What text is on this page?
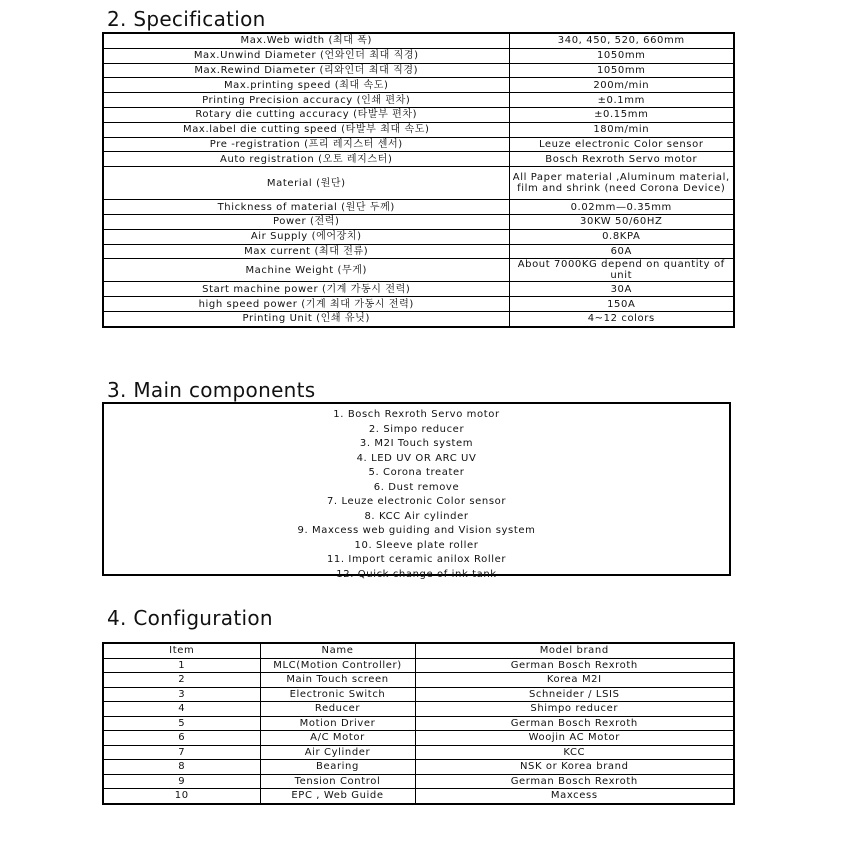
2. Specification
Max.Web width (최대 폭)	340, 450, 520, 660mm
Max.Unwind Diameter (언와인더 최대 직경)	1050mm
Max.Rewind Diameter (리와인더 최대 직경)	1050mm
Max.printing speed (최대 속도)	200m/min
Printing Precision accuracy (인쇄 편차)	±0.1mm
Rotary die cutting accuracy (타발부 편차)	±0.15mm
Max.label die cutting speed (타발부 최대 속도)	180m/min
Pre -registration (프리 레지스터 센서)	Leuze electronic Color sensor
Auto registration (오토 레지스터)	Bosch Rexroth Servo motor
Material (원단)	All Paper material ,Aluminum material, film and shrink (need Corona Device)
Thickness of material (원단 두께)	0.02mm—0.35mm
Power (전력)	30KW 50/60HZ
Air Supply (에어장치)	0.8KPA
Max current (최대 전류)	60A
Machine Weight (무게)	About 7000KG depend on quantity of unit
Start machine power (기계 가동시 전력)	30A
high speed power (기계 최대 가동시 전력)	150A
Printing Unit (인쇄 유닛)	4~12 colors
3. Main components
1. Bosch Rexroth Servo motor
2. Simpo reducer
3. M2I Touch system
4. LED UV OR ARC UV
5. Corona treater
6. Dust remove
7. Leuze electronic Color sensor
8. KCC Air cylinder
9. Maxcess web guiding and Vision system
10. Sleeve plate roller
11. Import ceramic anilox Roller
12. Quick change of ink tank
4. Configuration
Item	Name	Model brand
1	MLC(Motion Controller)	German Bosch Rexroth
2	Main Touch screen	Korea M2I
3	Electronic Switch	Schneider / LSIS
4	Reducer	Shimpo reducer
5	Motion Driver	German Bosch Rexroth
6	A/C Motor	Woojin AC Motor
7	Air Cylinder	KCC
8	Bearing	NSK or Korea brand
9	Tension Control	German Bosch Rexroth
10	EPC , Web Guide	Maxcess
